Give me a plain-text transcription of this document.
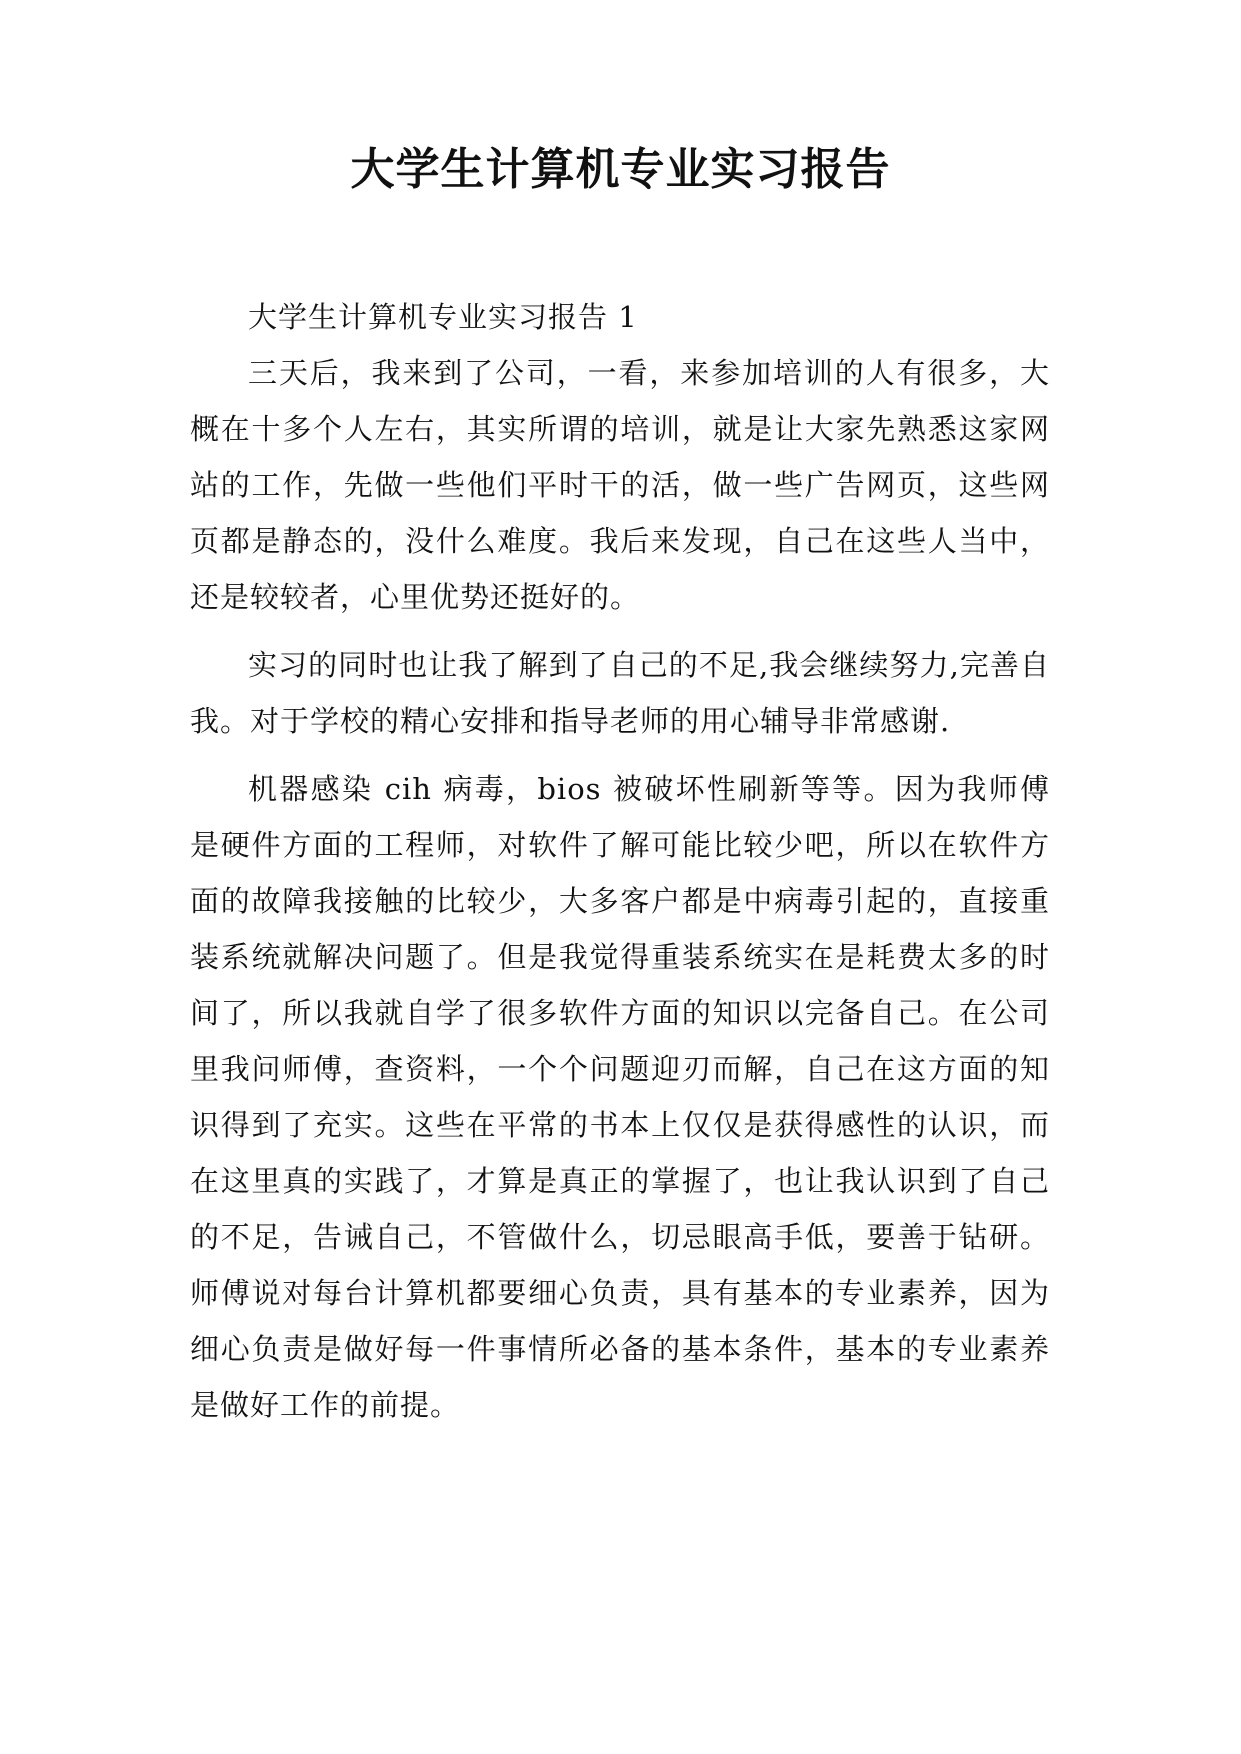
大学生计算机专业实习报告

大学生计算机专业实习报告 1

三天后，我来到了公司，一看，来参加培训的人有很多，大概在十多个人左右，其实所谓的培训，就是让大家先熟悉这家网站的工作，先做一些他们平时干的活，做一些广告网页，这些网页都是静态的，没什么难度。我后来发现，自己在这些人当中，还是较较者，心里优势还挺好的。

实习的同时也让我了解到了自己的不足,我会继续努力,完善自我。对于学校的精心安排和指导老师的用心辅导非常感谢.

机器感染 cih 病毒，bios 被破坏性刷新等等。因为我师傅是硬件方面的工程师，对软件了解可能比较少吧，所以在软件方面的故障我接触的比较少，大多客户都是中病毒引起的，直接重装系统就解决问题了。但是我觉得重装系统实在是耗费太多的时间了，所以我就自学了很多软件方面的知识以完备自己。在公司里我问师傅，查资料，一个个问题迎刃而解，自己在这方面的知识得到了充实。这些在平常的书本上仅仅是获得感性的认识，而在这里真的实践了，才算是真正的掌握了，也让我认识到了自己的不足，告诫自己，不管做什么，切忌眼高手低，要善于钻研。师傅说对每台计算机都要细心负责，具有基本的专业素养，因为细心负责是做好每一件事情所必备的基本条件，基本的专业素养是做好工作的前提。
